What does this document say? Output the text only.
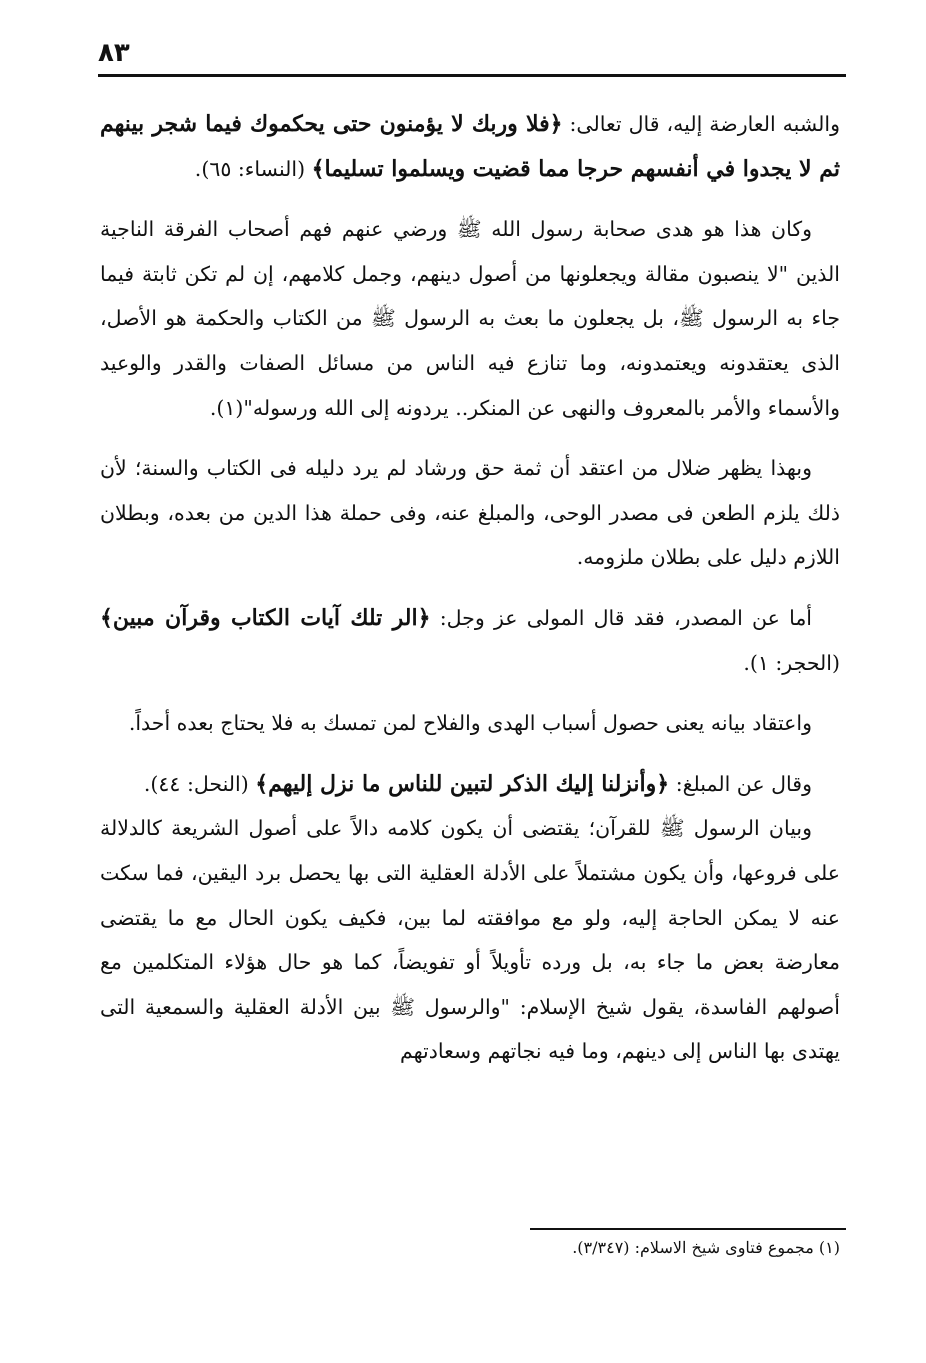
٨٣

والشبه العارضة إليه، قال تعالى: ﴿فلا وربك لا يؤمنون حتى يحكموك فيما شجر بينهم ثم لا يجدوا في أنفسهم حرجا مما قضيت ويسلموا تسليما﴾ (النساء: ٦٥).

وكان هذا هو هدى صحابة رسول الله ﷺ ورضي عنهم فهم أصحاب الفرقة الناجية الذين "لا ينصبون مقالة ويجعلونها من أصول دينهم، وجمل كلامهم، إن لم تكن ثابتة فيما جاء به الرسول ﷺ، بل يجعلون ما بعث به الرسول ﷺ من الكتاب والحكمة هو الأصل، الذى يعتقدونه ويعتمدونه، وما تنازع فيه الناس من مسائل الصفات والقدر والوعيد والأسماء والأمر بالمعروف والنهى عن المنكر.. يردونه إلى الله ورسوله"(١).

وبهذا يظهر ضلال من اعتقد أن ثمة حق ورشاد لم يرد دليله فى الكتاب والسنة؛ لأن ذلك يلزم الطعن فى مصدر الوحى، والمبلغ عنه، وفى حملة هذا الدين من بعده، وبطلان اللازم دليل على بطلان ملزومه.

أما عن المصدر، فقد قال المولى عز وجل: ﴿الر تلك آيات الكتاب وقرآن مبين﴾ (الحجر: ١).

واعتقاد بيانه يعنى حصول أسباب الهدى والفلاح لمن تمسك به فلا يحتاج بعده أحداً.

وقال عن المبلغ: ﴿وأنزلنا إليك الذكر لتبين للناس ما نزل إليهم﴾ (النحل: ٤٤).

وبيان الرسول ﷺ للقرآن؛ يقتضى أن يكون كلامه دالاً على أصول الشريعة كالدلالة على فروعها، وأن يكون مشتملاً على الأدلة العقلية التى بها يحصل برد اليقين، فما سكت عنه لا يمكن الحاجة إليه، ولو مع موافقته لما بين، فكيف يكون الحال مع ما يقتضى معارضة بعض ما جاء به، بل ورده تأويلاً أو تفويضاً، كما هو حال هؤلاء المتكلمين مع أصولهم الفاسدة، يقول شيخ الإسلام: "والرسول ﷺ بين الأدلة العقلية والسمعية التى يهتدى بها الناس إلى دينهم، وما فيه نجاتهم وسعادتهم

(١) مجموع فتاوى شيخ الاسلام: (٣/٣٤٧).
